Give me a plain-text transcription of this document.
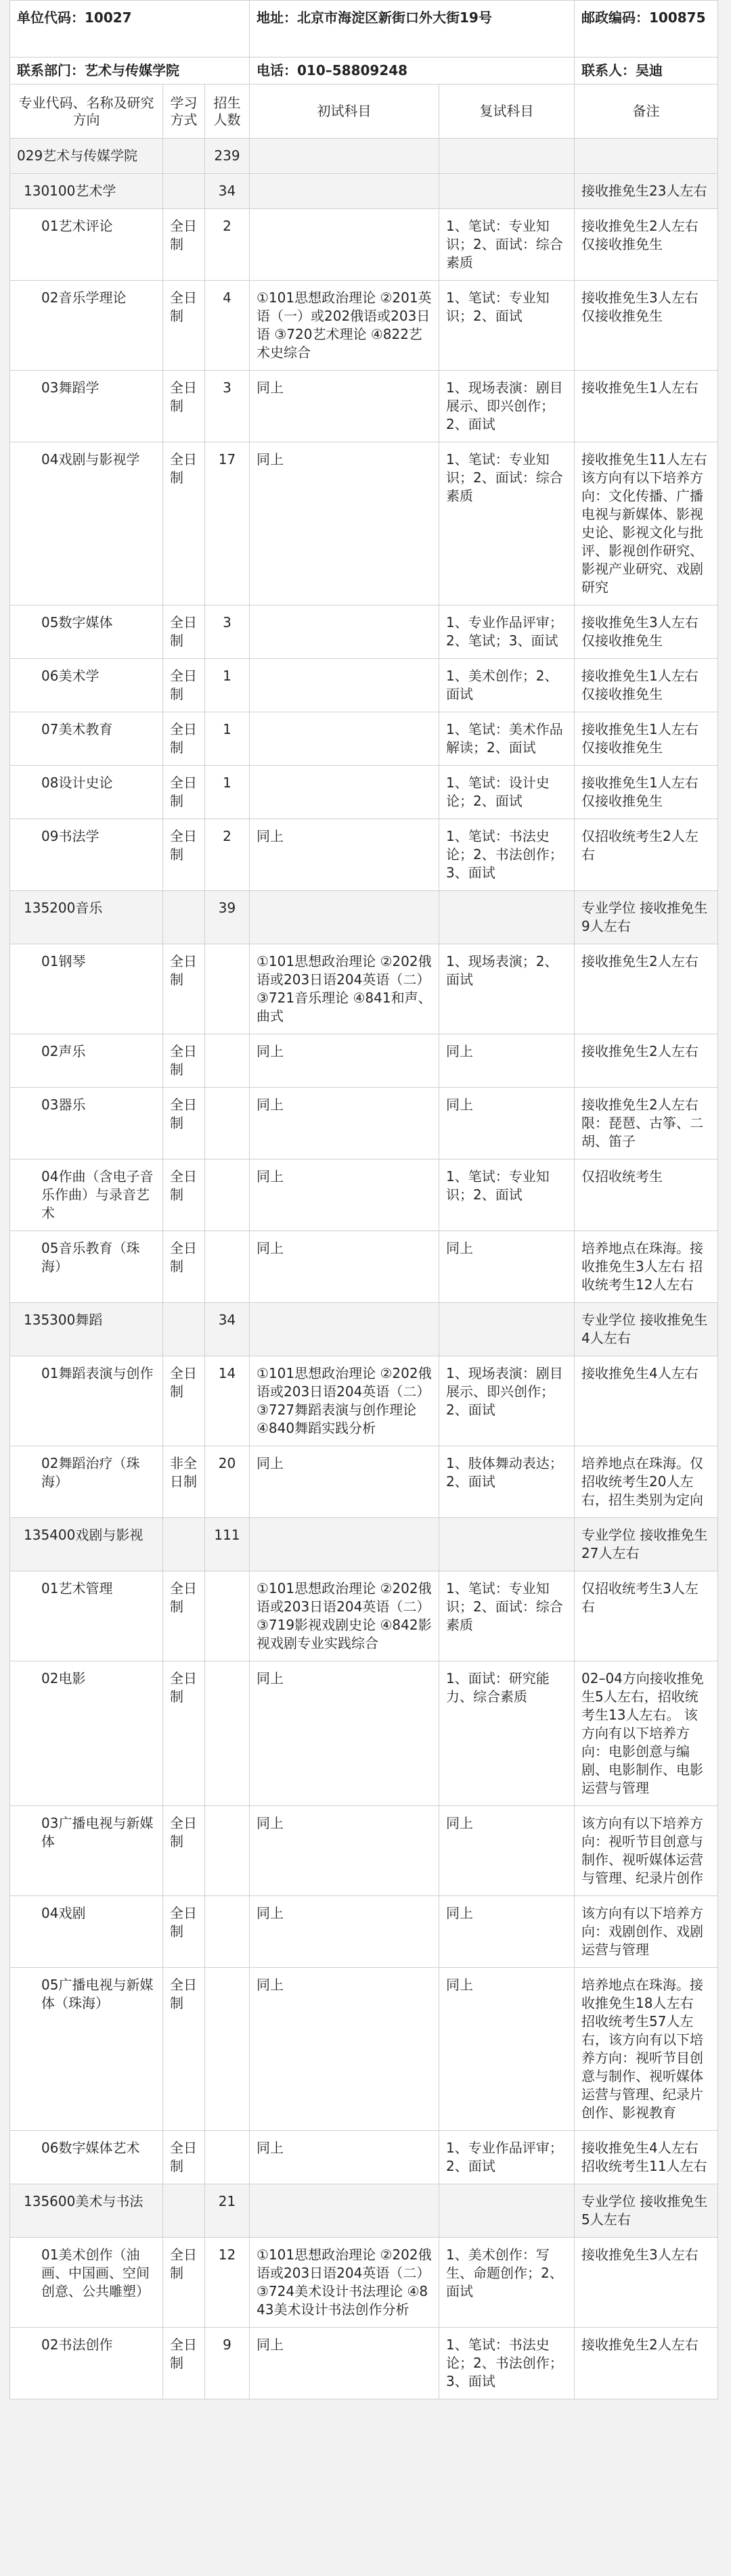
单位代码：10027			地址：北京市海淀区新街口外大街19号		邮政编码：100875
联系部门：艺术与传媒学院			电话：010–58809248		联系人：吴迪
专业代码、名称及研究方向	学习方式	招生人数	初试科目	复试科目	备注
029艺术与传媒学院		239			
130100艺术学		34			接收推免生23人左右
01艺术评论	全日制	2		1、笔试：专业知识；2、面试：综合素质	接收推免生2人左右 仅接收推免生
02音乐学理论	全日制	4	①101思想政治理论 ②201英语（一）或202俄语或203日语 ③720艺术理论 ④822艺术史综合	1、笔试：专业知识；2、面试	接收推免生3人左右 仅接收推免生
03舞蹈学	全日制	3	同上	1、现场表演：剧目展示、即兴创作；2、面试	接收推免生1人左右
04戏剧与影视学	全日制	17	同上	1、笔试：专业知识；2、面试：综合素质	接收推免生11人左右 该方向有以下培养方向：文化传播、广播电视与新媒体、影视史论、影视文化与批评、影视创作研究、影视产业研究、戏剧研究
05数字媒体	全日制	3		1、专业作品评审；2、笔试；3、面试	接收推免生3人左右 仅接收推免生
06美术学	全日制	1		1、美术创作；2、面试	接收推免生1人左右 仅接收推免生
07美术教育	全日制	1		1、笔试：美术作品解读；2、面试	接收推免生1人左右 仅接收推免生
08设计史论	全日制	1		1、笔试：设计史论；2、面试	接收推免生1人左右 仅接收推免生
09书法学	全日制	2	同上	1、笔试：书法史论；2、书法创作；3、面试	仅招收统考生2人左右
135200音乐		39			专业学位 接收推免生9人左右
01钢琴	全日制		①101思想政治理论 ②202俄语或203日语204英语（二） ③721音乐理论 ④841和声、曲式	1、现场表演；2、面试	接收推免生2人左右
02声乐	全日制		同上	同上	接收推免生2人左右
03器乐	全日制		同上	同上	接收推免生2人左右 限：琵琶、古筝、二胡、笛子
04作曲（含电子音乐作曲）与录音艺术	全日制		同上	1、笔试：专业知识；2、面试	仅招收统考生
05音乐教育（珠海）	全日制		同上	同上	培养地点在珠海。接收推免生3人左右 招收统考生12人左右
135300舞蹈		34			专业学位 接收推免生4人左右
01舞蹈表演与创作	全日制	14	①101思想政治理论 ②202俄语或203日语204英语（二） ③727舞蹈表演与创作理论 ④840舞蹈实践分析	1、现场表演：剧目展示、即兴创作；2、面试	接收推免生4人左右
02舞蹈治疗（珠海）	非全日制	20	同上	1、肢体舞动表达；2、面试	培养地点在珠海。仅招收统考生20人左右，招生类别为定向
135400戏剧与影视		111			专业学位 接收推免生27人左右
01艺术管理	全日制		①101思想政治理论 ②202俄语或203日语204英语（二） ③719影视戏剧史论 ④842影视戏剧专业实践综合	1、笔试：专业知识；2、面试：综合素质	仅招收统考生3人左右
02电影	全日制		同上	1、面试：研究能力、综合素质	02–04方向接收推免生5人左右，招收统考生13人左右。 该方向有以下培养方向：电影创意与编剧、电影制作、电影运营与管理
03广播电视与新媒体	全日制		同上	同上	该方向有以下培养方向：视听节目创意与制作、视听媒体运营与管理、纪录片创作
04戏剧	全日制		同上	同上	该方向有以下培养方向：戏剧创作、戏剧运营与管理
05广播电视与新媒体（珠海）	全日制		同上	同上	培养地点在珠海。接收推免生18人左右 招收统考生57人左右，该方向有以下培养方向：视听节目创意与制作、视听媒体运营与管理、纪录片创作、影视教育
06数字媒体艺术	全日制		同上	1、专业作品评审；2、面试	接收推免生4人左右 招收统考生11人左右
135600美术与书法		21			专业学位 接收推免生5人左右
01美术创作（油画、中国画、空间创意、公共雕塑）	全日制	12	①101思想政治理论 ②202俄语或203日语204英语（二） ③724美术设计书法理论 ④843美术设计书法创作分析	1、美术创作：写生、命题创作；2、面试	接收推免生3人左右
02书法创作	全日制	9	同上	1、笔试：书法史论；2、书法创作；3、面试	接收推免生2人左右
